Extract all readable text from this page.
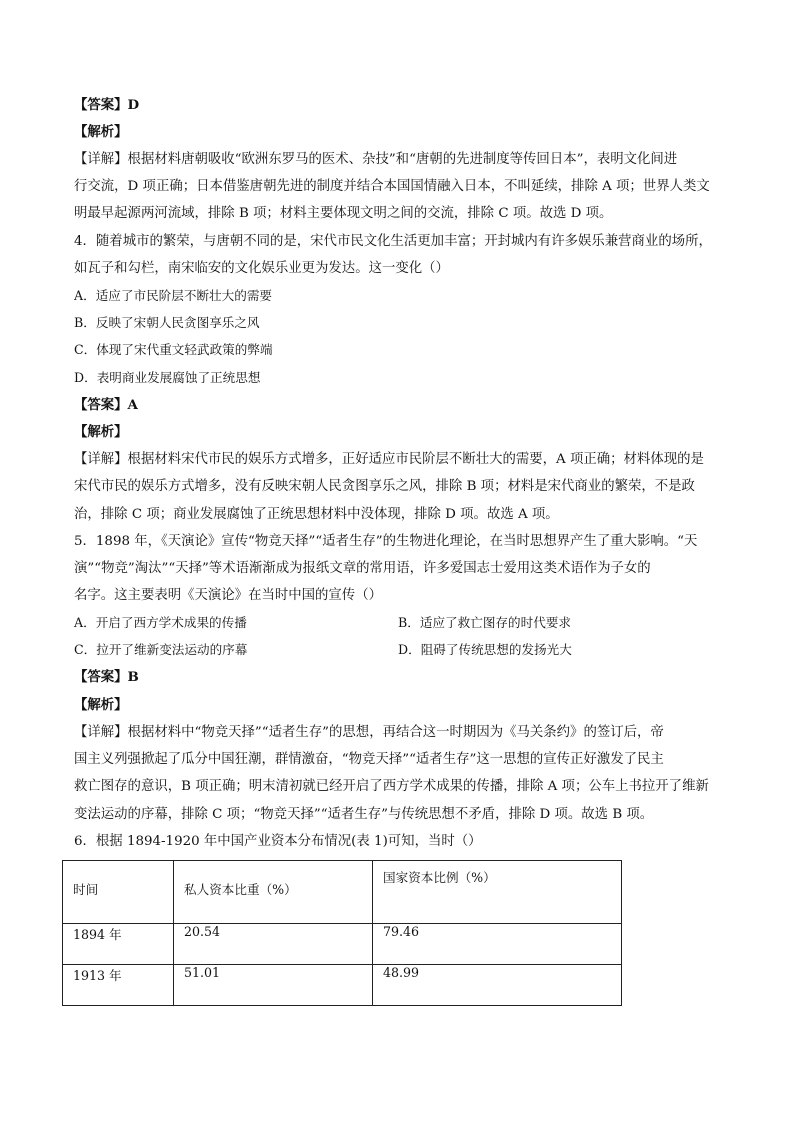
【答案】D
【解析】
【详解】根据材料唐朝吸收“欧洲东罗马的医术、杂技”和“唐朝的先进制度等传回日本”，表明文化间进
行交流，D 项正确；日本借鉴唐朝先进的制度并结合本国国情融入日本，不叫延续，排除 A 项；世界人类文
明最早起源两河流域，排除 B 项；材料主要体现文明之间的交流，排除 C 项。故选 D 项。
4．随着城市的繁荣，与唐朝不同的是，宋代市民文化生活更加丰富；开封城内有许多娱乐兼营商业的场所，
如瓦子和勾栏，南宋临安的文化娱乐业更为发达。这一变化（）
A．适应了市民阶层不断壮大的需要
B．反映了宋朝人民贪图享乐之风
C．体现了宋代重文轻武政策的弊端
D．表明商业发展腐蚀了正统思想
【答案】A
【解析】
【详解】根据材料宋代市民的娱乐方式增多，正好适应市民阶层不断壮大的需要，A 项正确；材料体现的是
宋代市民的娱乐方式增多，没有反映宋朝人民贪图享乐之风，排除 B 项；材料是宋代商业的繁荣，不是政
治，排除 C 项；商业发展腐蚀了正统思想材料中没体现，排除 D 项。故选 A 项。
5．1898 年，《天演论》宣传“物竞天择”“适者生存”的生物进化理论，在当时思想界产生了重大影响。“天
演”“物竞”淘汰”“天择”等术语渐渐成为报纸文章的常用语，许多爱国志士爱用这类术语作为子女的
名字。这主要表明《天演论》在当时中国的宣传（）
A．开启了西方学术成果的传播	B．适应了救亡图存的时代要求
C．拉开了维新变法运动的序幕	D．阻碍了传统思想的发扬光大
【答案】B
【解析】
【详解】根据材料中“物竞天择”“适者生存”的思想，再结合这一时期因为《马关条约》的签订后，帝
国主义列强掀起了瓜分中国狂潮，群情激奋，“物竞天择”“适者生存”这一思想的宣传正好激发了民主
救亡图存的意识，B 项正确；明末清初就已经开启了西方学术成果的传播，排除 A 项；公车上书拉开了维新
变法运动的序幕，排除 C 项；“物竞天择”“适者生存”与传统思想不矛盾，排除 D 项。故选 B 项。
6．根据 1894-1920 年中国产业资本分布情况(表 1)可知，当时（）
时间	私人资本比重（%）	国家资本比例（%）

1894 年	20.54	79.46
1913 年	51.01	48.99
